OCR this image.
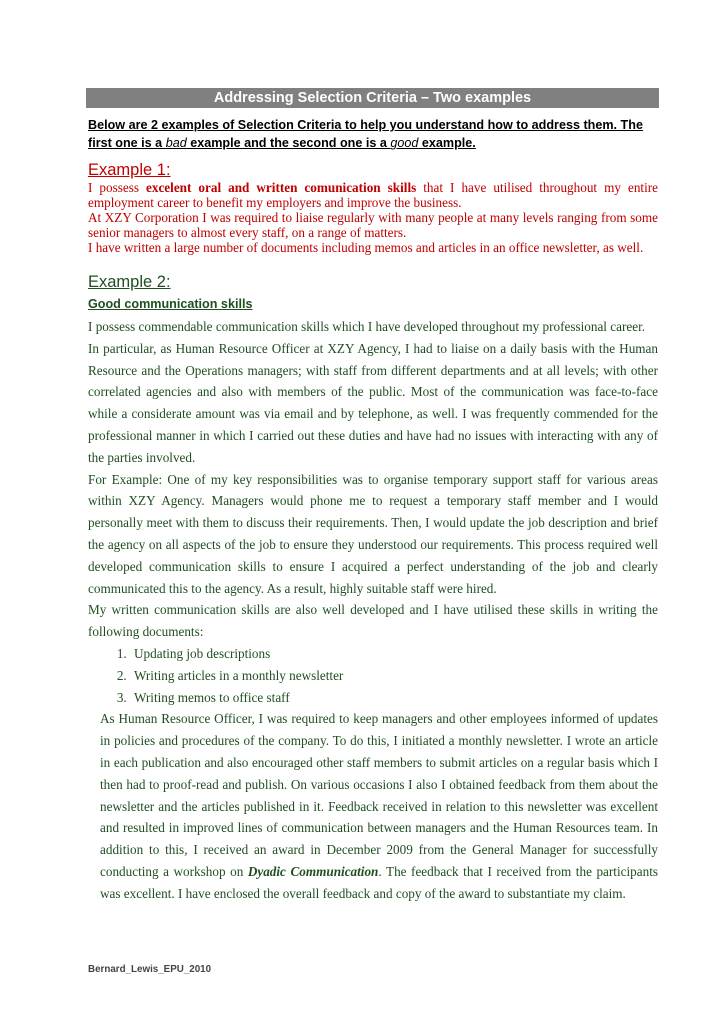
Addressing Selection Criteria – Two examples
Below are 2 examples of Selection Criteria to help you understand how to address them. The first one is a bad example and the second one is a good example.
Example 1:

I possess excelent oral and written comunication skills that I have utilised throughout my entire employment career to benefit my employers and improve the business.

At XZY Corporation I was required to liaise regularly with many people at many levels ranging from some senior managers to almost every staff, on a range of matters.

I have written a large number of documents including memos and articles in an office newsletter, as well.

Example 2:
Good communication skills

I possess commendable communication skills which I have developed throughout my professional career.

In particular, as Human Resource Officer at XZY Agency, I had to liaise on a daily basis with the Human Resource and the Operations managers; with staff from different departments and at all levels; with other correlated agencies and also with members of the public. Most of the communication was face-to-face while a considerate amount was via email and by telephone, as well. I was frequently commended for the professional manner in which I carried out these duties and have had no issues with interacting with any of the parties involved.

For Example: One of my key responsibilities was to organise temporary support staff for various areas within XZY Agency. Managers would phone me to request a temporary staff member and I would personally meet with them to discuss their requirements. Then, I would update the job description and brief the agency on all aspects of the job to ensure they understood our requirements. This process required well developed communication skills to ensure I acquired a perfect understanding of the job and clearly communicated this to the agency. As a result, highly suitable staff were hired.

My written communication skills are also well developed and I have utilised these skills in writing the following documents:

1. Updating job descriptions
2. Writing articles in a monthly newsletter
3. Writing memos to office staff

As Human Resource Officer, I was required to keep managers and other employees informed of updates in policies and procedures of the company. To do this, I initiated a monthly newsletter. I wrote an article in each publication and also encouraged other staff members to submit articles on a regular basis which I then had to proof-read and publish. On various occasions I also I obtained feedback from them about the newsletter and the articles published in it. Feedback received in relation to this newsletter was excellent and resulted in improved lines of communication between managers and the Human Resources team. In addition to this, I received an award in December 2009 from the General Manager for successfully conducting a workshop on Dyadic Communication. The feedback that I received from the participants was excellent. I have enclosed the overall feedback and copy of the award to substantiate my claim.

Bernard_Lewis_EPU_2010
